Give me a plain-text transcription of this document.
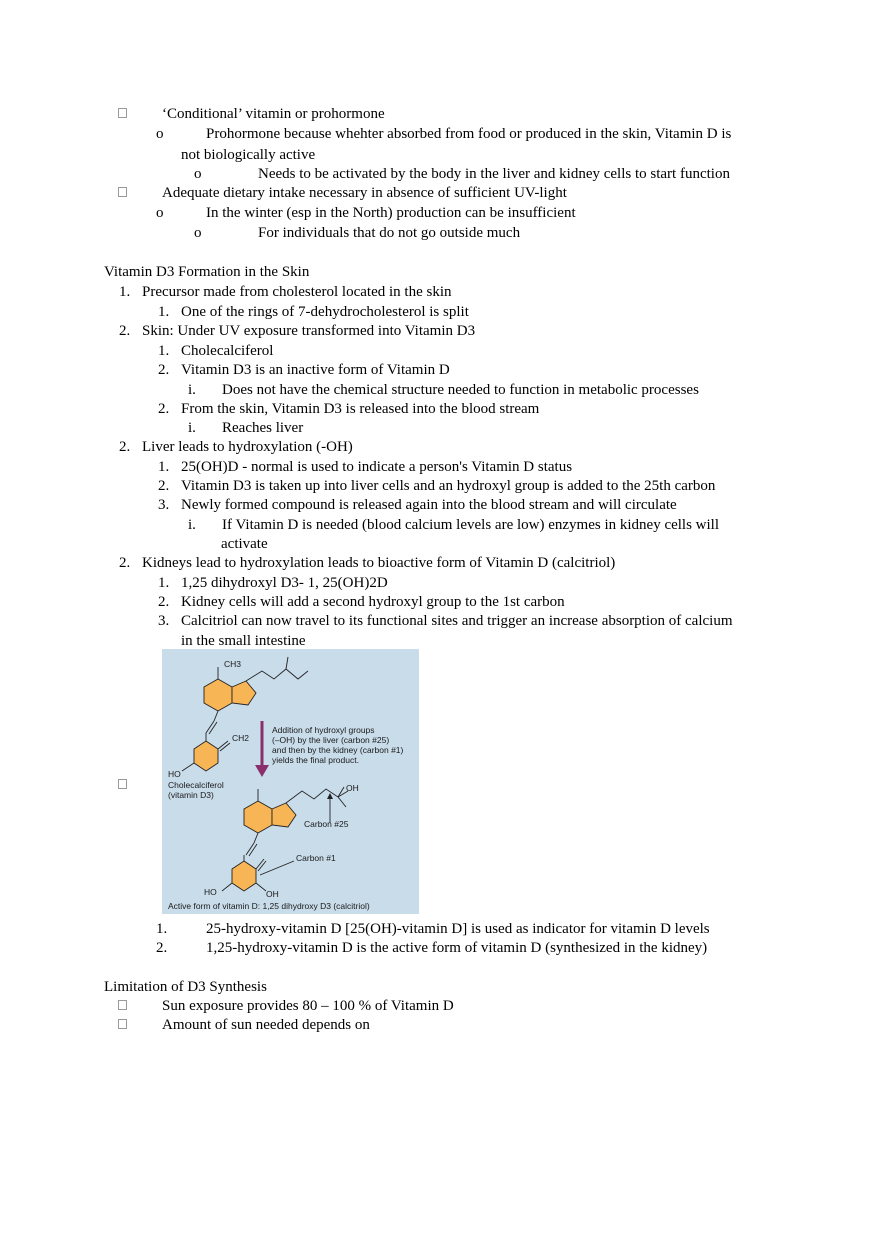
‘Conditional’ vitamin or prohormone
o	Prohormone because whehter absorbed from food or produced in the skin, Vitamin D is
not biologically active
o	Needs to be activated by the body in the liver and kidney cells to start function
Adequate dietary intake necessary in absence of sufficient UV-light
o	In the winter (esp in the North) production can be insufficient
o	For individuals that do not go outside much
Vitamin D3 Formation in the Skin
1. Precursor made from cholesterol located in the skin
1. One of the rings of 7-dehydrocholesterol is split
2. Skin: Under UV exposure transformed into Vitamin D3
1. Cholecalciferol
2. Vitamin D3 is an inactive form of Vitamin D
i. Does not have the chemical structure needed to function in metabolic processes
2. From the skin, Vitamin D3 is released into the blood stream
i. Reaches liver
2. Liver leads to hydroxylation (-OH)
1. 25(OH)D - normal is used to indicate a person's Vitamin D status
2. Vitamin D3 is taken up into liver cells and an hydroxyl group is added to the 25th carbon
3. Newly formed compound is released again into the blood stream and will circulate
i. If Vitamin D is needed (blood calcium levels are low) enzymes in kidney cells will
activate
2. Kidneys lead to hydroxylation leads to bioactive form of Vitamin D (calcitriol)
1. 1,25 dihydroxyl D3- 1, 25(OH)2D
2. Kidney cells will add a second hydroxyl group to the 1st carbon
3. Calcitriol can now travel to its functional sites and trigger an increase absorption of calcium
in the small intestine
CH3
CH2
HO
Cholecalciferol
(vitamin D3)
Addition of hydroxyl groups
(–OH) by the liver (carbon #25)
and then by the kidney (carbon #1)
yields the final product.
OH
Carbon #25
Carbon #1
HO	OH
Active form of vitamin D: 1,25 dihydroxy D3 (calcitriol)
1.	25-hydroxy-vitamin D [25(OH)-vitamin D] is used as indicator for vitamin D levels
2.	1,25-hydroxy-vitamin D is the active form of vitamin D (synthesized in the kidney)
Limitation of D3 Synthesis
Sun exposure provides 80 – 100 % of Vitamin D
Amount of sun needed depends on
